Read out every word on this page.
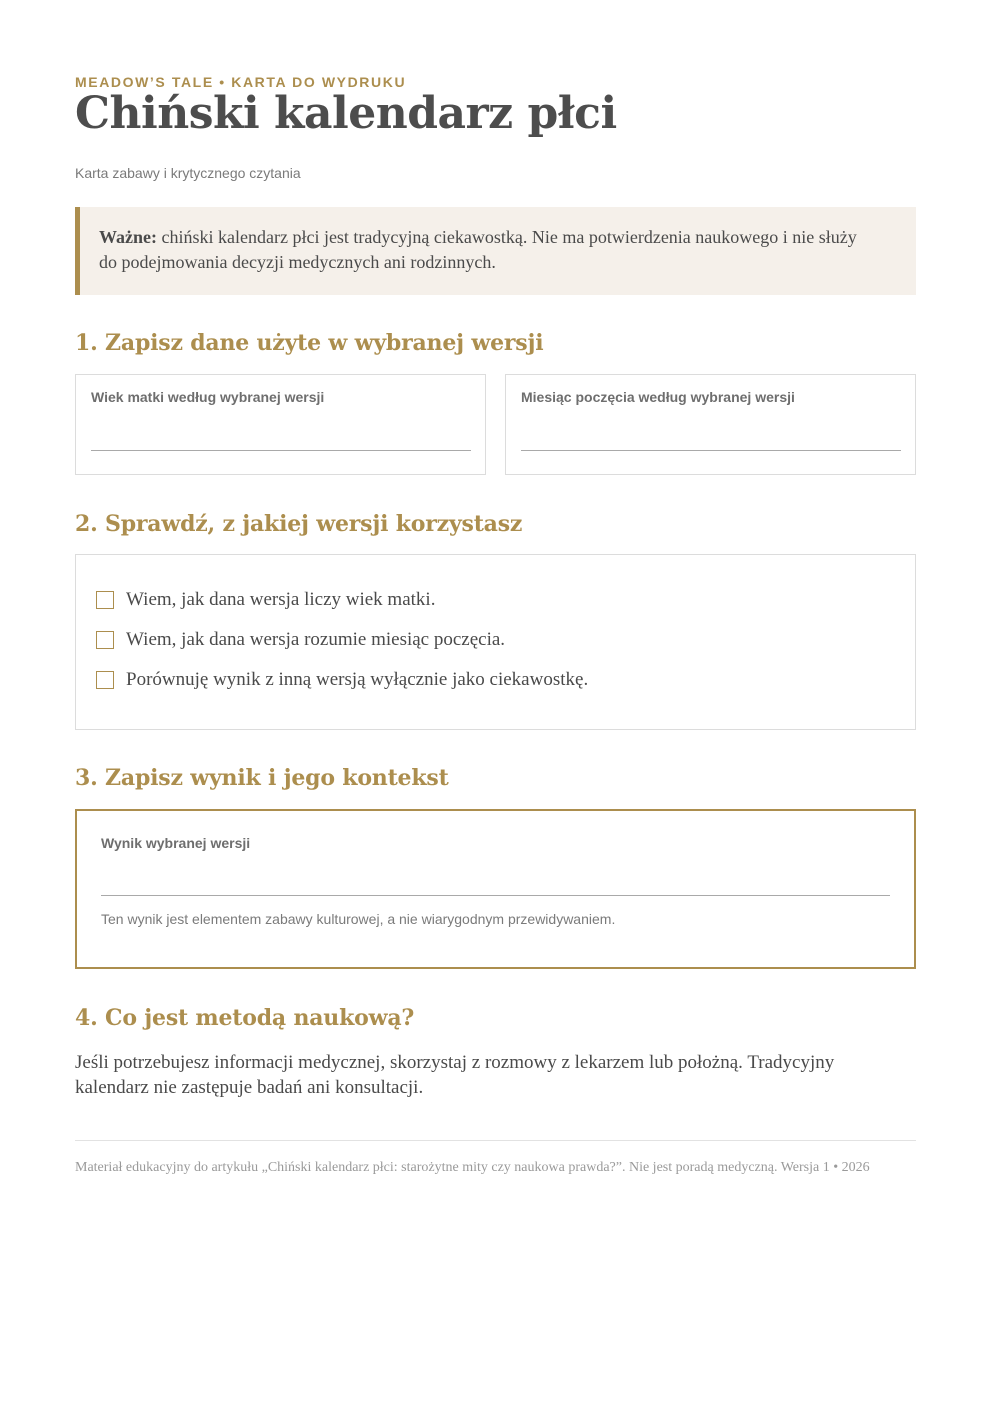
MEADOW’S TALE • KARTA DO WYDRUKU
Chiński kalendarz płci
Karta zabawy i krytycznego czytania
Ważne: chiński kalendarz płci jest tradycyjną ciekawostką. Nie ma potwierdzenia naukowego i nie służy do podejmowania decyzji medycznych ani rodzinnych.
1. Zapisz dane użyte w wybranej wersji
Wiek matki według wybranej wersji	Miesiąc poczęcia według wybranej wersji
2. Sprawdź, z jakiej wersji korzystasz
Wiem, jak dana wersja liczy wiek matki.
Wiem, jak dana wersja rozumie miesiąc poczęcia.
Porównuję wynik z inną wersją wyłącznie jako ciekawostkę.
3. Zapisz wynik i jego kontekst
Wynik wybranej wersji
Ten wynik jest elementem zabawy kulturowej, a nie wiarygodnym przewidywaniem.
4. Co jest metodą naukową?

Jeśli potrzebujesz informacji medycznej, skorzystaj z rozmowy z lekarzem lub położną. Tradycyjny kalendarz nie zastępuje badań ani konsultacji.

Materiał edukacyjny do artykułu „Chiński kalendarz płci: starożytne mity czy naukowa prawda?”. Nie jest poradą medyczną. Wersja 1 • 2026
